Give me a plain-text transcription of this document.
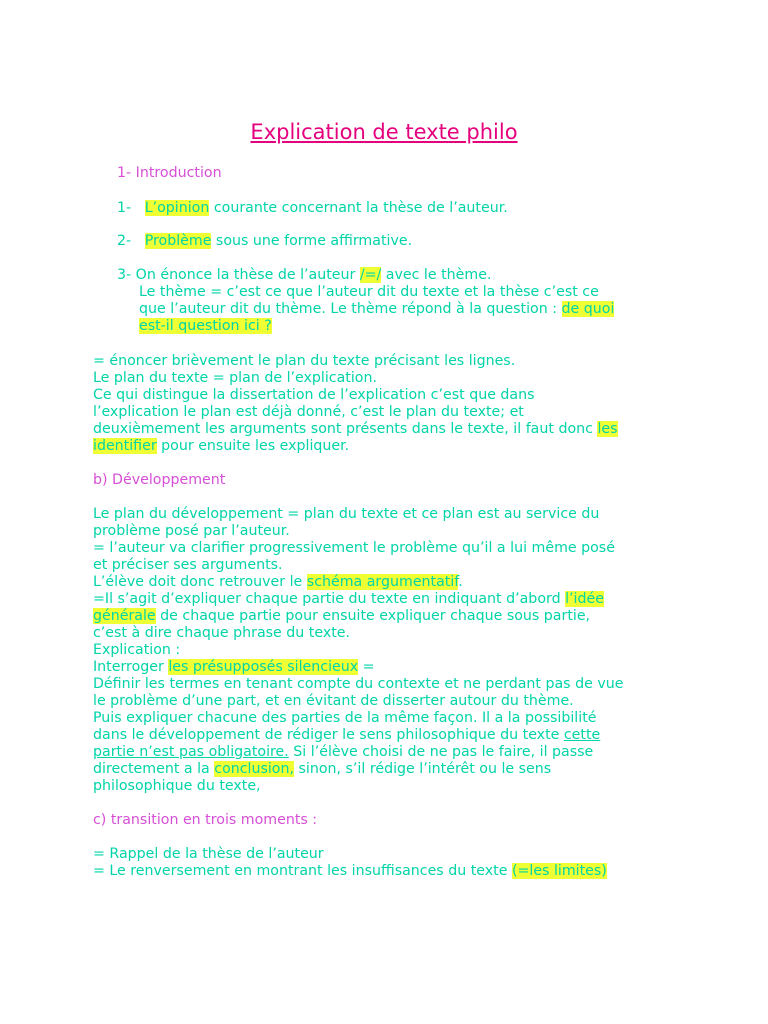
Explication de texte philo

1- Introduction

1- L’opinion courante concernant la thèse de l’auteur.

2- Problème sous une forme affirmative.

3- On énonce la thèse de l’auteur /=/ avec le thème.

Le thème = c’est ce que l’auteur dit du texte et la thèse c’est ce

que l’auteur dit du thème. Le thème répond à la question : de quoi

est-il question ici ?

= énoncer brièvement le plan du texte précisant les lignes.

Le plan du texte = plan de l’explication.

Ce qui distingue la dissertation de l’explication c’est que dans

l’explication le plan est déjà donné, c’est le plan du texte; et

deuxièmement les arguments sont présents dans le texte, il faut donc les

identifier pour ensuite les expliquer.

b) Développement

Le plan du développement = plan du texte et ce plan est au service du

problème posé par l’auteur.

= l’auteur va clarifier progressivement le problème qu’il a lui même posé

et préciser ses arguments.

L’élève doit donc retrouver le schéma argumentatif.

=Il s’agit d’expliquer chaque partie du texte en indiquant d’abord l’idée

générale de chaque partie pour ensuite expliquer chaque sous partie,

c’est à dire chaque phrase du texte.

Explication :

Interroger les présupposés silencieux =

Définir les termes en tenant compte du contexte et ne perdant pas de vue

le problème d’une part, et en évitant de disserter autour du thème.

Puis expliquer chacune des parties de la même façon. Il a la possibilité

dans le développement de rédiger le sens philosophique du texte cette

partie n’est pas obligatoire. Si l’élève choisi de ne pas le faire, il passe

directement a la conclusion, sinon, s’il rédige l’intérêt ou le sens

philosophique du texte,

c) transition en trois moments :

= Rappel de la thèse de l’auteur

= Le renversement en montrant les insuffisances du texte (=les limites)
